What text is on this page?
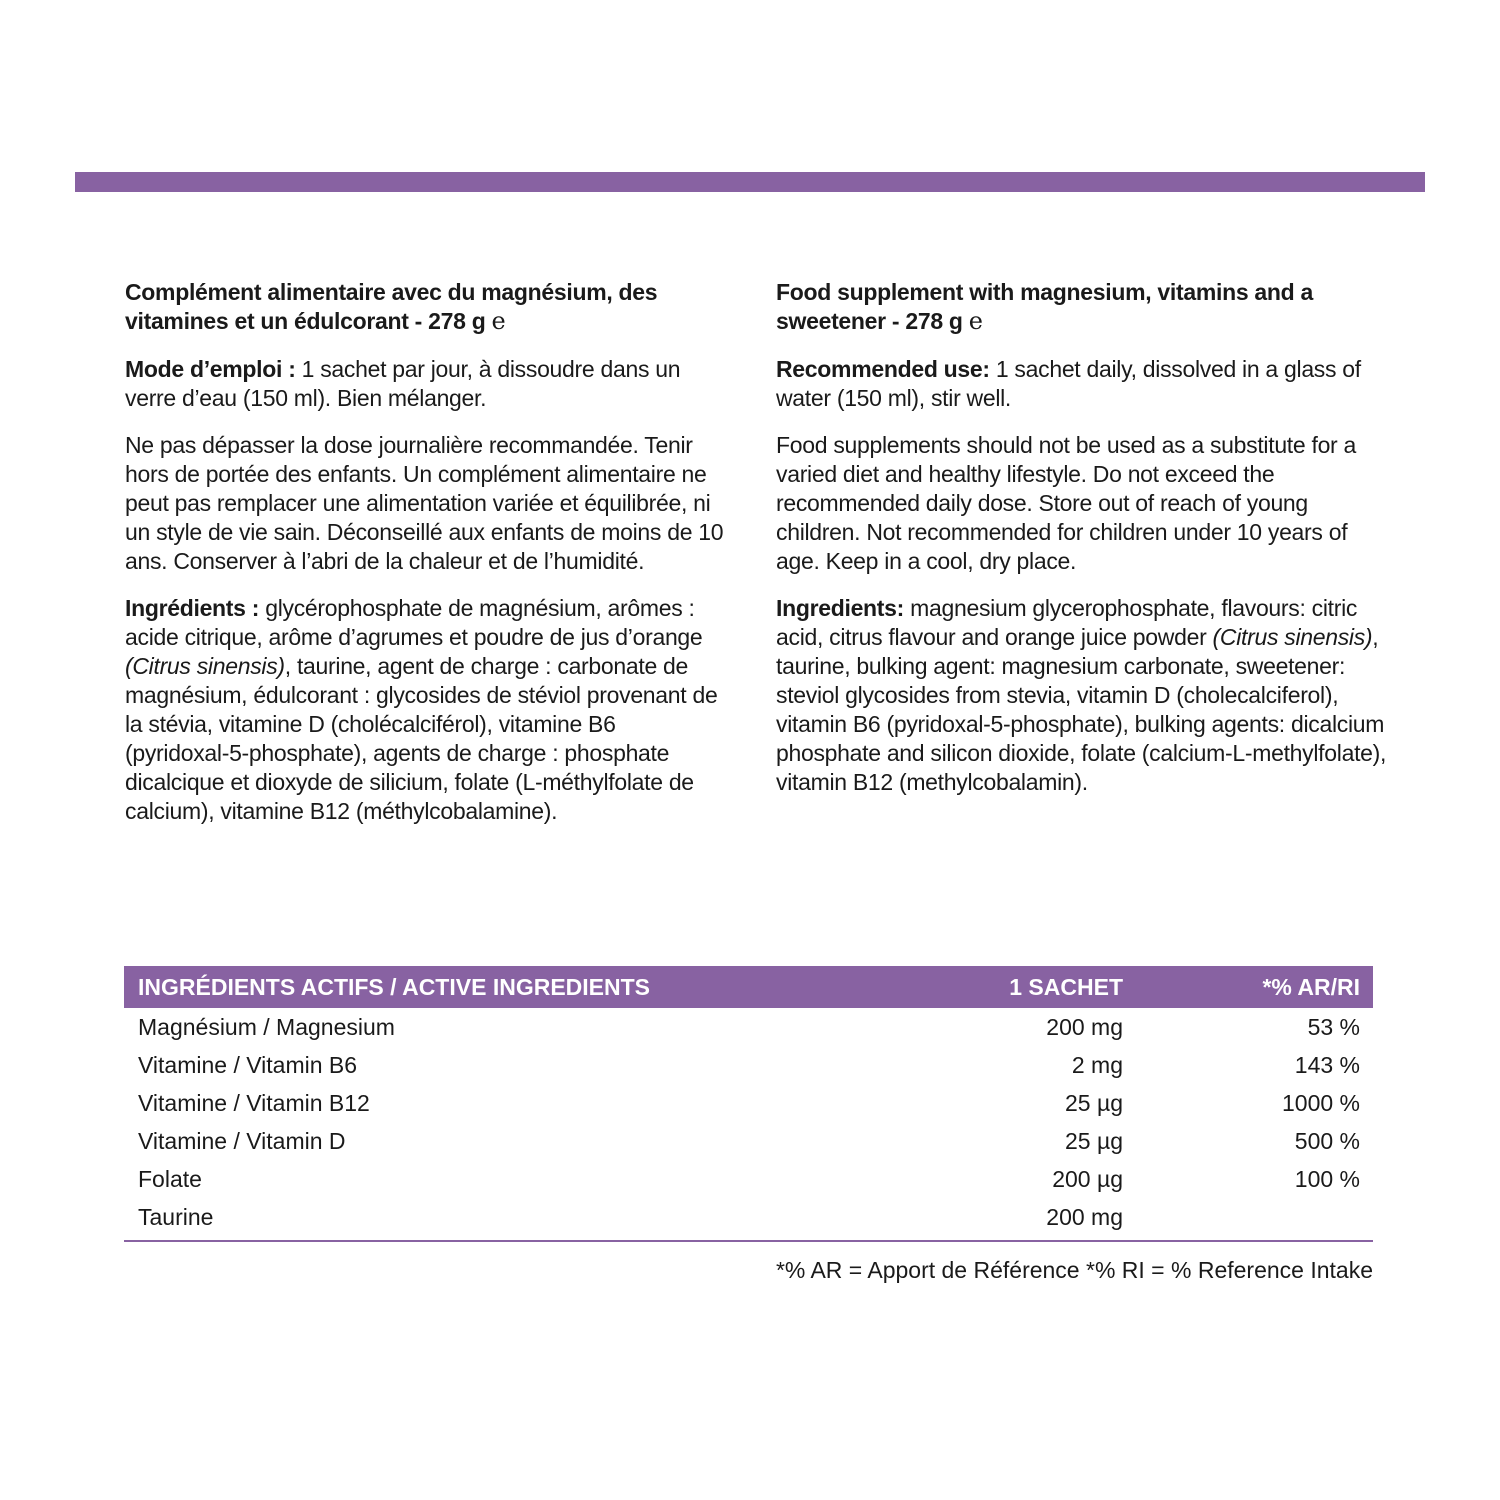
Complément alimentaire avec du magnésium, des vitamines et un édulcorant - 278 g e

Mode d’emploi : 1 sachet par jour, à dissoudre dans un verre d’eau (150 ml). Bien mélanger.

Ne pas dépasser la dose journalière recommandée. Tenir hors de portée des enfants. Un complément alimentaire ne peut pas remplacer une alimentation variée et équilibrée, ni un style de vie sain. Déconseillé aux enfants de moins de 10 ans. Conserver à l’abri de la chaleur et de l’humidité.

Ingrédients : glycérophosphate de magnésium, arômes : acide citrique, arôme d’agrumes et poudre de jus d’orange (Citrus sinensis), taurine, agent de charge : carbonate de magnésium, édulcorant : glycosides de stéviol provenant de la stévia, vitamine D (cholécalciférol), vitamine B6 (pyridoxal-5-phosphate), agents de charge : phosphate dicalcique et dioxyde de silicium, folate (L-méthylfolate de calcium), vitamine B12 (méthylcobalamine).

Food supplement with magnesium, vitamins and a sweetener - 278 g e

Recommended use: 1 sachet daily, dissolved in a glass of water (150 ml), stir well.

Food supplements should not be used as a substitute for a varied diet and healthy lifestyle. Do not exceed the recommended daily dose. Store out of reach of young children. Not recommended for children under 10 years of age. Keep in a cool, dry place.

Ingredients: magnesium glycerophosphate, flavours: citric acid, citrus flavour and orange juice powder (Citrus sinensis), taurine, bulking agent: magnesium carbonate, sweetener: steviol glycosides from stevia, vitamin D (cholecalciferol), vitamin B6 (pyridoxal-5-phosphate), bulking agents: dicalcium phosphate and silicon dioxide, folate (calcium-L-methylfolate), vitamin B12 (methylcobalamin).

INGRÉDIENTS ACTIFS / ACTIVE INGREDIENTS	1 SACHET	*% AR/RI
Magnésium / Magnesium	200 mg	53 %
Vitamine / Vitamin B6	2 mg	143 %
Vitamine / Vitamin B12	25 µg	1000 %
Vitamine / Vitamin D	25 µg	500 %
Folate	200 µg	100 %
Taurine	200 mg
*% AR = Apport de Référence *% RI = % Reference Intake
